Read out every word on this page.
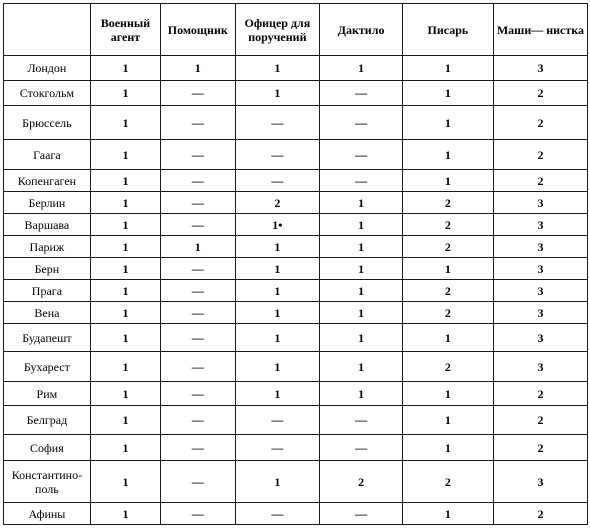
	Военный агент	Помощник	Офицер для поручений	Дактило	Писарь	Маши— нистка
Лондон	1	1	1	1	1	3
Стокгольм	1	—	1	—	1	2
Брюссель	1	—	—	—	1	2
Гаага	1	—	—	—	1	2
Копенгаген	1	—	—	—	1	2
Берлин	1	—	2	1	2	3
Варшава	1	—	1•	1	2	3
Париж	1	1	1	1	2	3
Берн	1	—	1	1	1	3
Прага	1	—	1	1	2	3
Вена	1	—	1	1	2	3
Будапешт	1	—	1	1	1	3
Бухарест	1	—	1	1	2	3
Рим	1	—	1	1	1	2
Белград	1	—	—	—	1	2
София	1	—	—	—	1	2
Константино- поль	1	—	1	2	2	3
Афины	1	—	—	—	1	2
